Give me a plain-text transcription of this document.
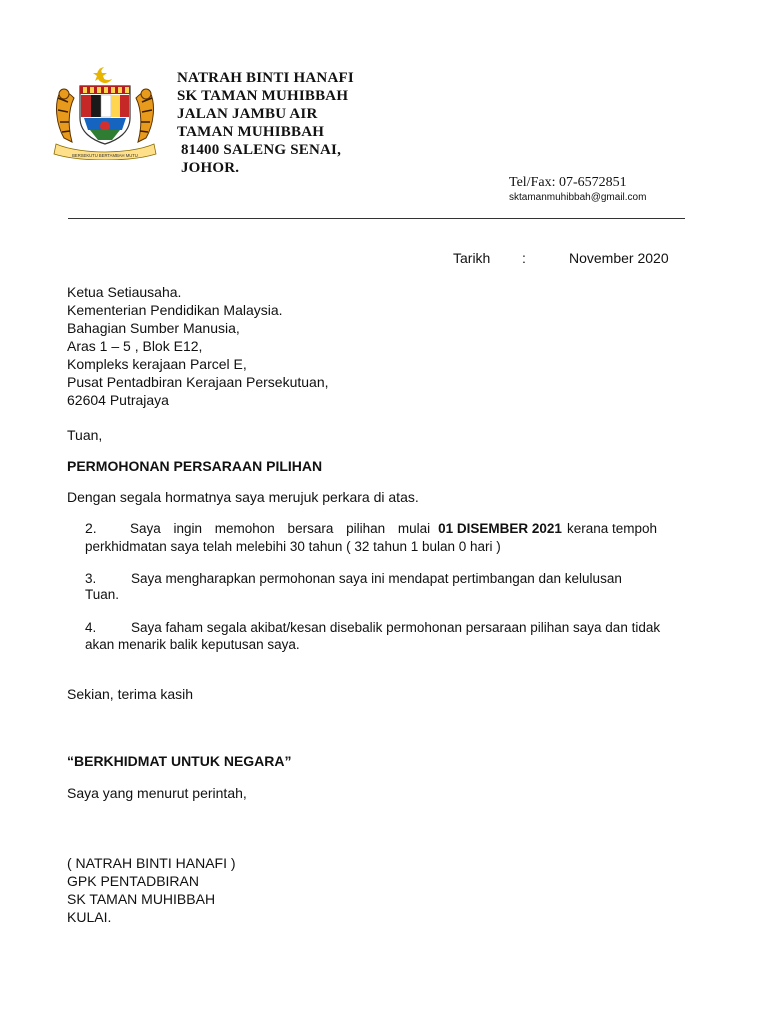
BERSEKUTU BERTAMBAH MUTU
NATRAH BINTI HANAFI
SK TAMAN MUHIBBAH
JALAN JAMBU AIR
TAMAN MUHIBBAH
81400 SALENG SENAI,
JOHOR.
Tel/Fax: 07-6572851
sktamanmuhibbah@gmail.com
Tarikh :	November 2020
Ketua Setiausaha.
Kementerian Pendidikan Malaysia.
Bahagian Sumber Manusia,
Aras 1 – 5 , Blok E12,
Kompleks kerajaan Parcel E,
Pusat Pentadbiran Kerajaan Persekutuan,
62604 Putrajaya
Tuan,
PERMOHONAN PERSARAAN PILIHAN
Dengan segala hormatnya saya merujuk perkara di atas.
2. Saya ingin memohon bersara pilihan mulai 01 DISEMBER 2021 kerana tempoh
perkhidmatan saya telah melebihi 30 tahun ( 32 tahun 1 bulan 0 hari )
3.	Saya mengharapkan permohonan saya ini mendapat pertimbangan dan kelulusan
Tuan.
4.	Saya faham segala akibat/kesan disebalik permohonan persaraan pilihan saya dan tidak
akan menarik balik keputusan saya.
Sekian, terima kasih
“BERKHIDMAT UNTUK NEGARA”
Saya yang menurut perintah,
( NATRAH BINTI HANAFI )
GPK PENTADBIRAN
SK TAMAN MUHIBBAH
KULAI.
